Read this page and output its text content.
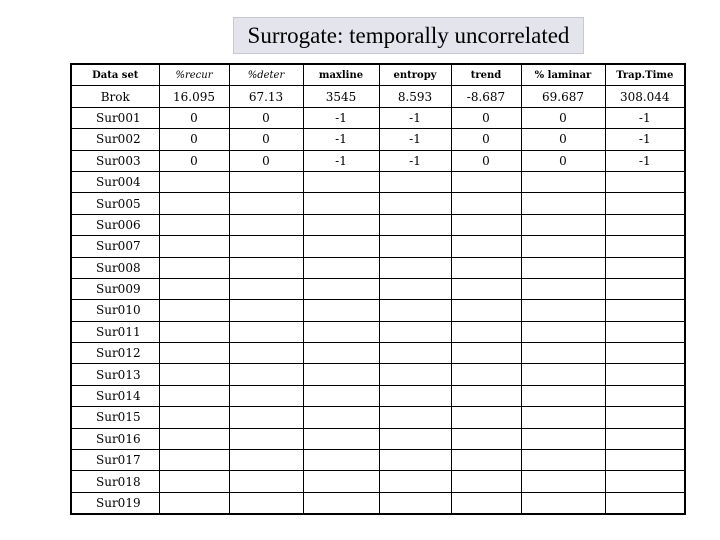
Surrogate: temporally uncorrelated
Data set	%recur	%deter	maxline	entropy	trend	% laminar	Trap.Time
Brok	16.095	67.13	3545	8.593	-8.687	69.687	308.044
Sur001	0	0	-1	-1	0	0	-1
Sur002	0	0	-1	-1	0	0	-1
Sur003	0	0	-1	-1	0	0	-1
Sur004							
Sur005							
Sur006							
Sur007							
Sur008							
Sur009							
Sur010							
Sur011							
Sur012							
Sur013							
Sur014							
Sur015							
Sur016							
Sur017							
Sur018							
Sur019							
